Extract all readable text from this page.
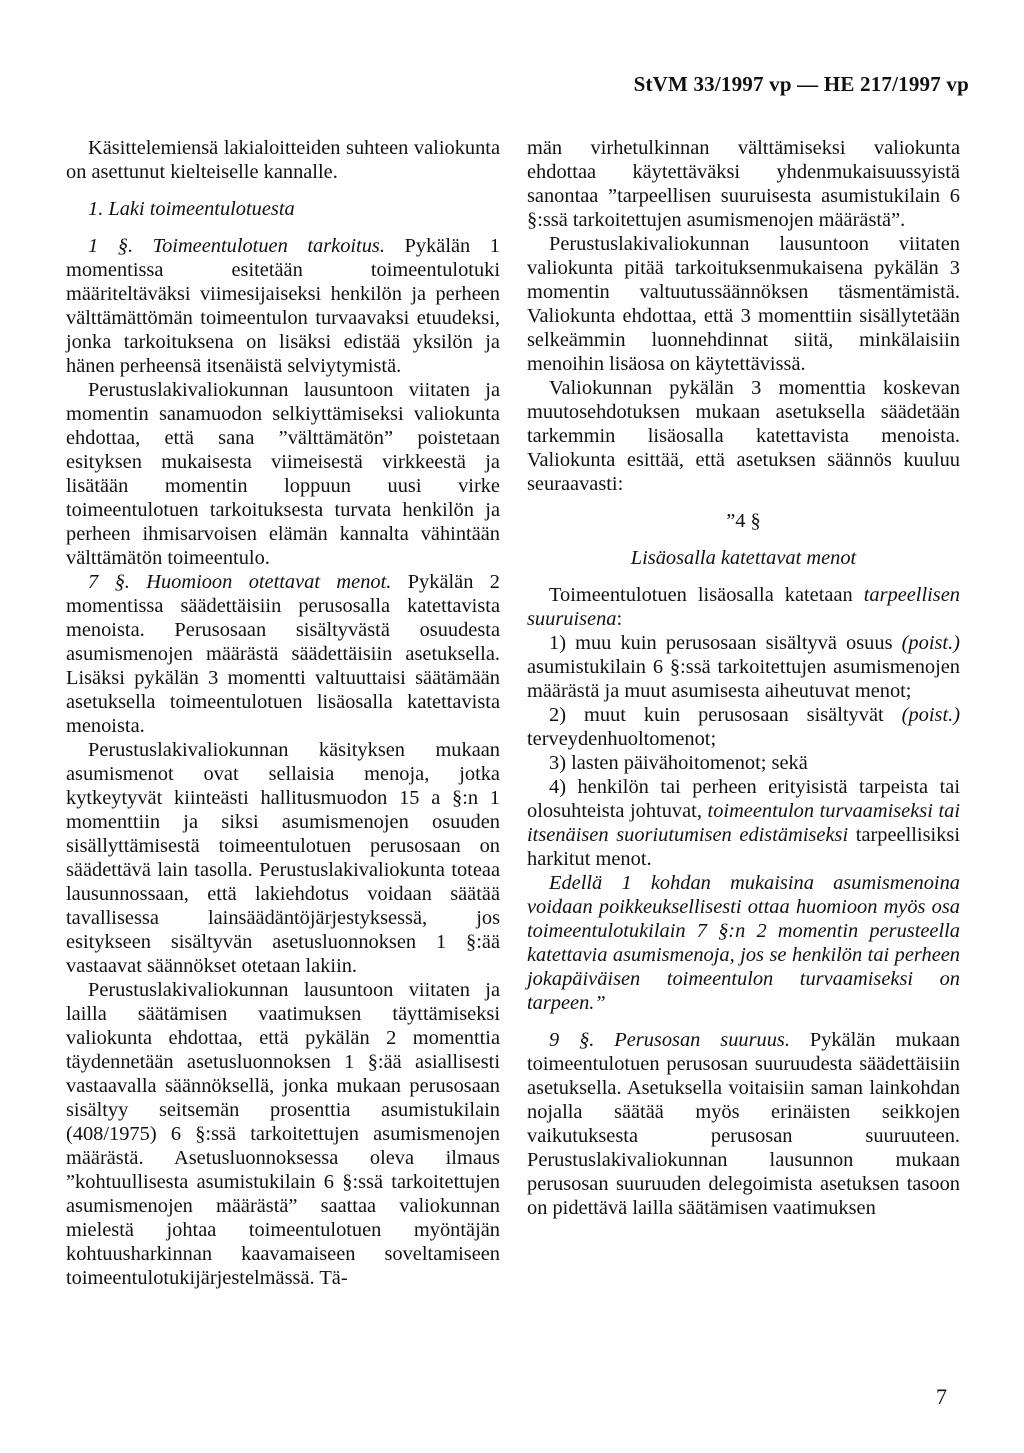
StVM 33/1997 vp — HE 217/1997 vp

Käsittelemiensä lakialoitteiden suhteen valiokunta on asettunut kielteiselle kannalle.

1. Laki toimeentulotuesta

1 §. Toimeentulotuen tarkoitus. Pykälän 1 momentissa esitetään toimeentulotuki määriteltäväksi viimesijaiseksi henkilön ja perheen välttämättömän toimeentulon turvaavaksi etuudeksi, jonka tarkoituksena on lisäksi edistää yksilön ja hänen perheensä itsenäistä selviytymistä.

Perustuslakivaliokunnan lausuntoon viitaten ja momentin sanamuodon selkiyttämiseksi valiokunta ehdottaa, että sana ”välttämätön” poistetaan esityksen mukaisesta viimeisestä virkkeestä ja lisätään momentin loppuun uusi virke toimeentulotuen tarkoituksesta turvata henkilön ja perheen ihmisarvoisen elämän kannalta vähintään välttämätön toimeentulo.

7 §. Huomioon otettavat menot. Pykälän 2 momentissa säädettäisiin perusosalla katettavista menoista. Perusosaan sisältyvästä osuudesta asumismenojen määrästä säädettäisiin asetuksella. Lisäksi pykälän 3 momentti valtuuttaisi säätämään asetuksella toimeentulotuen lisäosalla katettavista menoista.

Perustuslakivaliokunnan käsityksen mukaan asumismenot ovat sellaisia menoja, jotka kytkeytyvät kiinteästi hallitusmuodon 15 a §:n 1 momenttiin ja siksi asumismenojen osuuden sisällyttämisestä toimeentulotuen perusosaan on säädettävä lain tasolla. Perustuslakivaliokunta toteaa lausunnossaan, että lakiehdotus voidaan säätää tavallisessa lainsäädäntöjärjestyksessä, jos esitykseen sisältyvän asetusluonnoksen 1 §:ää vastaavat säännökset otetaan lakiin.

Perustuslakivaliokunnan lausuntoon viitaten ja lailla säätämisen vaatimuksen täyttämiseksi valiokunta ehdottaa, että pykälän 2 momenttia täydennetään asetusluonnoksen 1 §:ää asiallisesti vastaavalla säännöksellä, jonka mukaan perusosaan sisältyy seitsemän prosenttia asumistukilain (408/1975) 6 §:ssä tarkoitettujen asumismenojen määrästä. Asetusluonnoksessa oleva ilmaus ”kohtuullisesta asumistukilain 6 §:ssä tarkoitettujen asumismenojen määrästä” saattaa valiokunnan mielestä johtaa toimeentulotuen myöntäjän kohtuusharkinnan kaavamaiseen soveltamiseen toimeentulotukijärjestelmässä. Tä-

män virhetulkinnan välttämiseksi valiokunta ehdottaa käytettäväksi yhdenmukaisuussyistä sanontaa ”tarpeellisen suuruisesta asumistukilain 6 §:ssä tarkoitettujen asumismenojen määrästä”.

Perustuslakivaliokunnan lausuntoon viitaten valiokunta pitää tarkoituksenmukaisena pykälän 3 momentin valtuutussäännöksen täsmentämistä. Valiokunta ehdottaa, että 3 momenttiin sisällytetään selkeämmin luonnehdinnat siitä, minkälaisiin menoihin lisäosa on käytettävissä.

Valiokunnan pykälän 3 momenttia koskevan muutosehdotuksen mukaan asetuksella säädetään tarkemmin lisäosalla katettavista menoista. Valiokunta esittää, että asetuksen säännös kuuluu seuraavasti:

”4 §

Lisäosalla katettavat menot

Toimeentulotuen lisäosalla katetaan tarpeellisen suuruisena:

1) muu kuin perusosaan sisältyvä osuus (poist.) asumistukilain 6 §:ssä tarkoitettujen asumismenojen määrästä ja muut asumisesta aiheutuvat menot;

2) muut kuin perusosaan sisältyvät (poist.) terveydenhuoltomenot;

3) lasten päivähoitomenot; sekä

4) henkilön tai perheen erityisistä tarpeista tai olosuhteista johtuvat, toimeentulon turvaamiseksi tai itsenäisen suoriutumisen edistämiseksi tarpeellisiksi harkitut menot.

Edellä 1 kohdan mukaisina asumismenoina voidaan poikkeuksellisesti ottaa huomioon myös osa toimeentulotukilain 7 §:n 2 momentin perusteella katettavia asumismenoja, jos se henkilön tai perheen jokapäiväisen toimeentulon turvaamiseksi on tarpeen.”

9 §. Perusosan suuruus. Pykälän mukaan toimeentulotuen perusosan suuruudesta säädettäisiin asetuksella. Asetuksella voitaisiin saman lainkohdan nojalla säätää myös erinäisten seikkojen vaikutuksesta perusosan suuruuteen. Perustuslakivaliokunnan lausunnon mukaan perusosan suuruuden delegoimista asetuksen tasoon on pidettävä lailla säätämisen vaatimuksen

7
